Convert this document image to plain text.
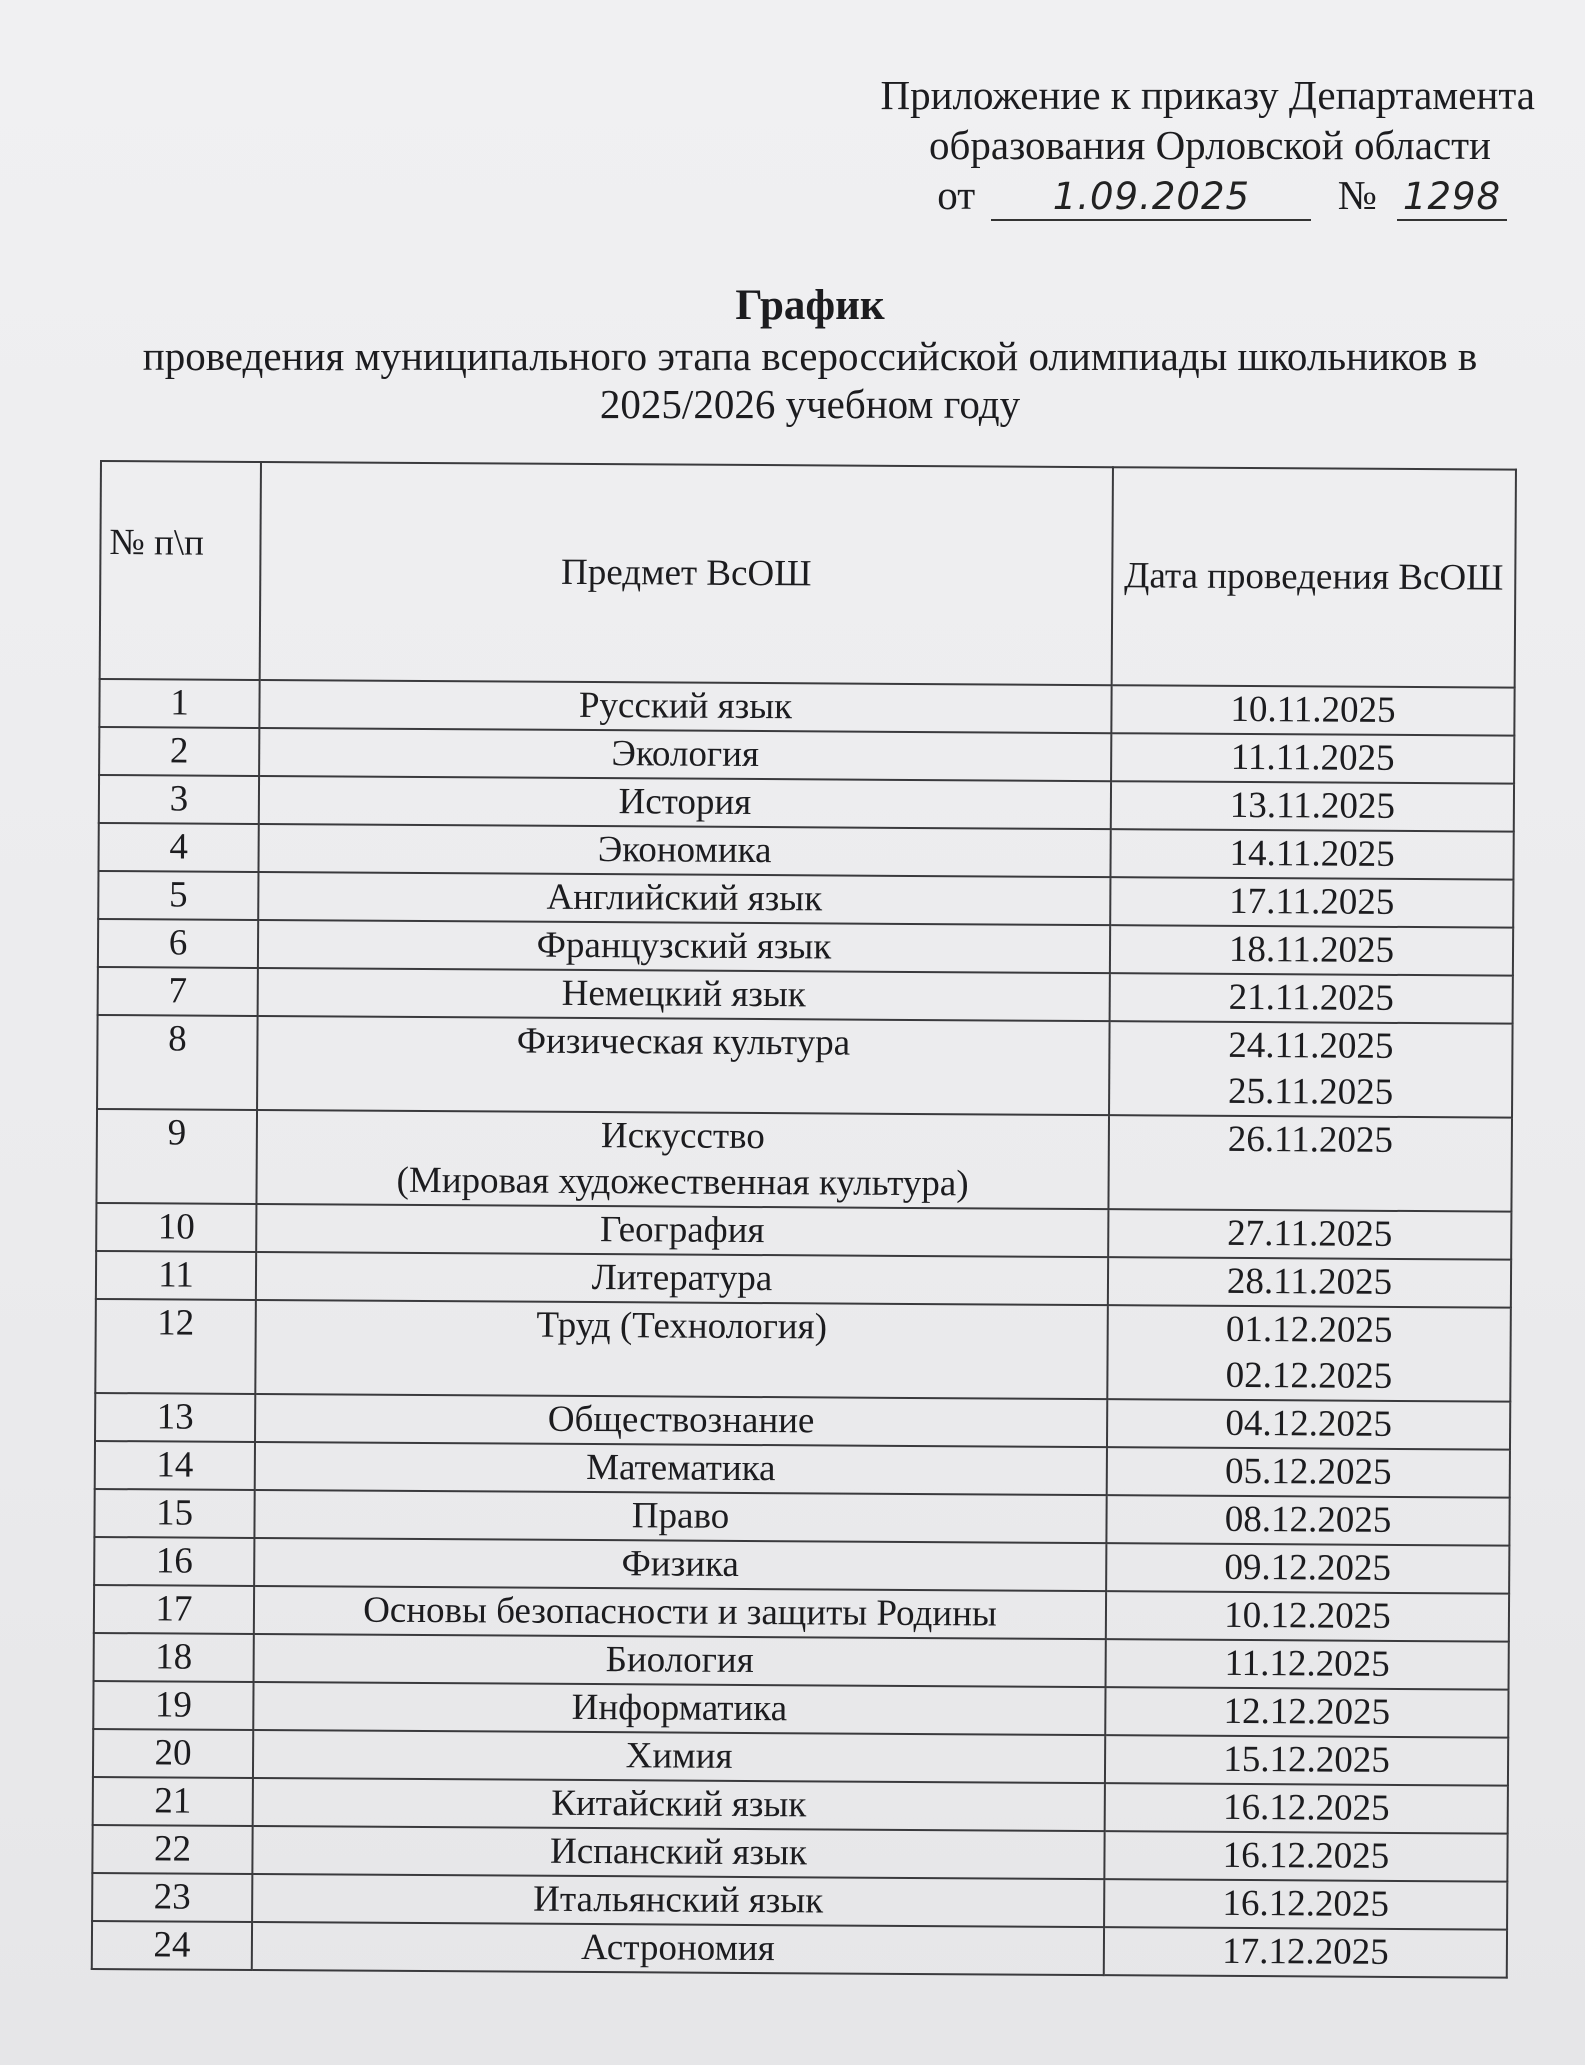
Приложение к приказу Департамента
образования Орловской области
от 1.09.2025 № 1298
График
проведения муниципального этапа всероссийской олимпиады школьников в 2025/2026 учебном году
№ п\п	Предмет ВсОШ	Дата проведения ВсОШ
1	Русский язык	10.11.2025

2	Экология	11.11.2025

3	История	13.11.2025

4	Экономика	14.11.2025

5	Английский язык	17.11.2025

6	Французский язык	18.11.2025

7	Немецкий язык	21.11.2025

8	Физическая культура	24.11.2025
25.11.2025

9	Искусство
(Мировая художественная культура)	26.11.2025

10	География	27.11.2025

11	Литература	28.11.2025

12	Труд (Технология)	01.12.2025
02.12.2025

13	Обществознание	04.12.2025

14	Математика	05.12.2025

15	Право	08.12.2025

16	Физика	09.12.2025

17	Основы безопасности и защиты Родины	10.12.2025

18	Биология	11.12.2025

19	Информатика	12.12.2025

20	Химия	15.12.2025

21	Китайский язык	16.12.2025

22	Испанский язык	16.12.2025

23	Итальянский язык	16.12.2025

24	Астрономия	17.12.2025
